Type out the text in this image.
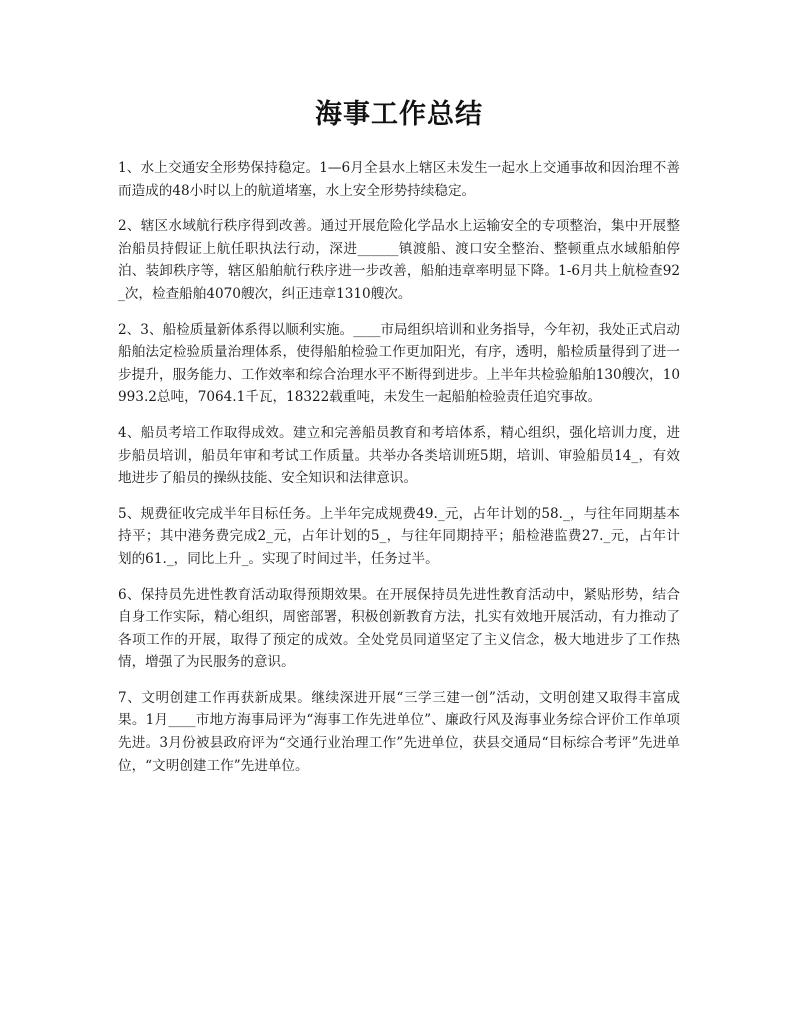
海事工作总结

1、水上交通安全形势保持稳定。1—6月全县水上辖区未发生一起水上交通事故和因治理不善而造成的48小时以上的航道堵塞，水上安全形势持续稳定。

2、辖区水域航行秩序得到改善。通过开展危险化学品水上运输安全的专项整治，集中开展整治船员持假证上航任职执法行动，深进______镇渡船、渡口安全整治、整顿重点水域船舶停泊、装卸秩序等，辖区船舶航行秩序进一步改善，船舶违章率明显下降。1-6月共上航检查92_次，检查船舶4070艘次，纠正违章1310艘次。

2、3、船检质量新体系得以顺利实施。____市局组织培训和业务指导，今年初，我处正式启动船舶法定检验质量治理体系，使得船舶检验工作更加阳光，有序，透明，船检质量得到了进一步提升，服务能力、工作效率和综合治理水平不断得到进步。上半年共检验船舶130艘次，10993.2总吨，7064.1千瓦，18322载重吨，未发生一起船舶检验责任追究事故。

4、船员考培工作取得成效。建立和完善船员教育和考培体系，精心组织，强化培训力度，进步船员培训，船员年审和考试工作质量。共举办各类培训班5期，培训、审验船员14_，有效地进步了船员的操纵技能、安全知识和法律意识。

5、规费征收完成半年目标任务。上半年完成规费49._元，占年计划的58._，与往年同期基本持平；其中港务费完成2_元，占年计划的5_，与往年同期持平；船检港监费27._元，占年计划的61._，同比上升_。实现了时间过半，任务过半。

6、保持员先进性教育活动取得预期效果。在开展保持员先进性教育活动中，紧贴形势，结合自身工作实际，精心组织，周密部署，积极创新教育方法，扎实有效地开展活动，有力推动了各项工作的开展，取得了预定的成效。全处党员同道坚定了主义信念，极大地进步了工作热情，增强了为民服务的意识。

7、文明创建工作再获新成果。继续深进开展“三学三建一创”活动，文明创建又取得丰富成果。1月____市地方海事局评为“海事工作先进单位”、廉政行风及海事业务综合评价工作单项先进。3月份被县政府评为“交通行业治理工作”先进单位，获县交通局“目标综合考评”先进单位，“文明创建工作”先进单位。
